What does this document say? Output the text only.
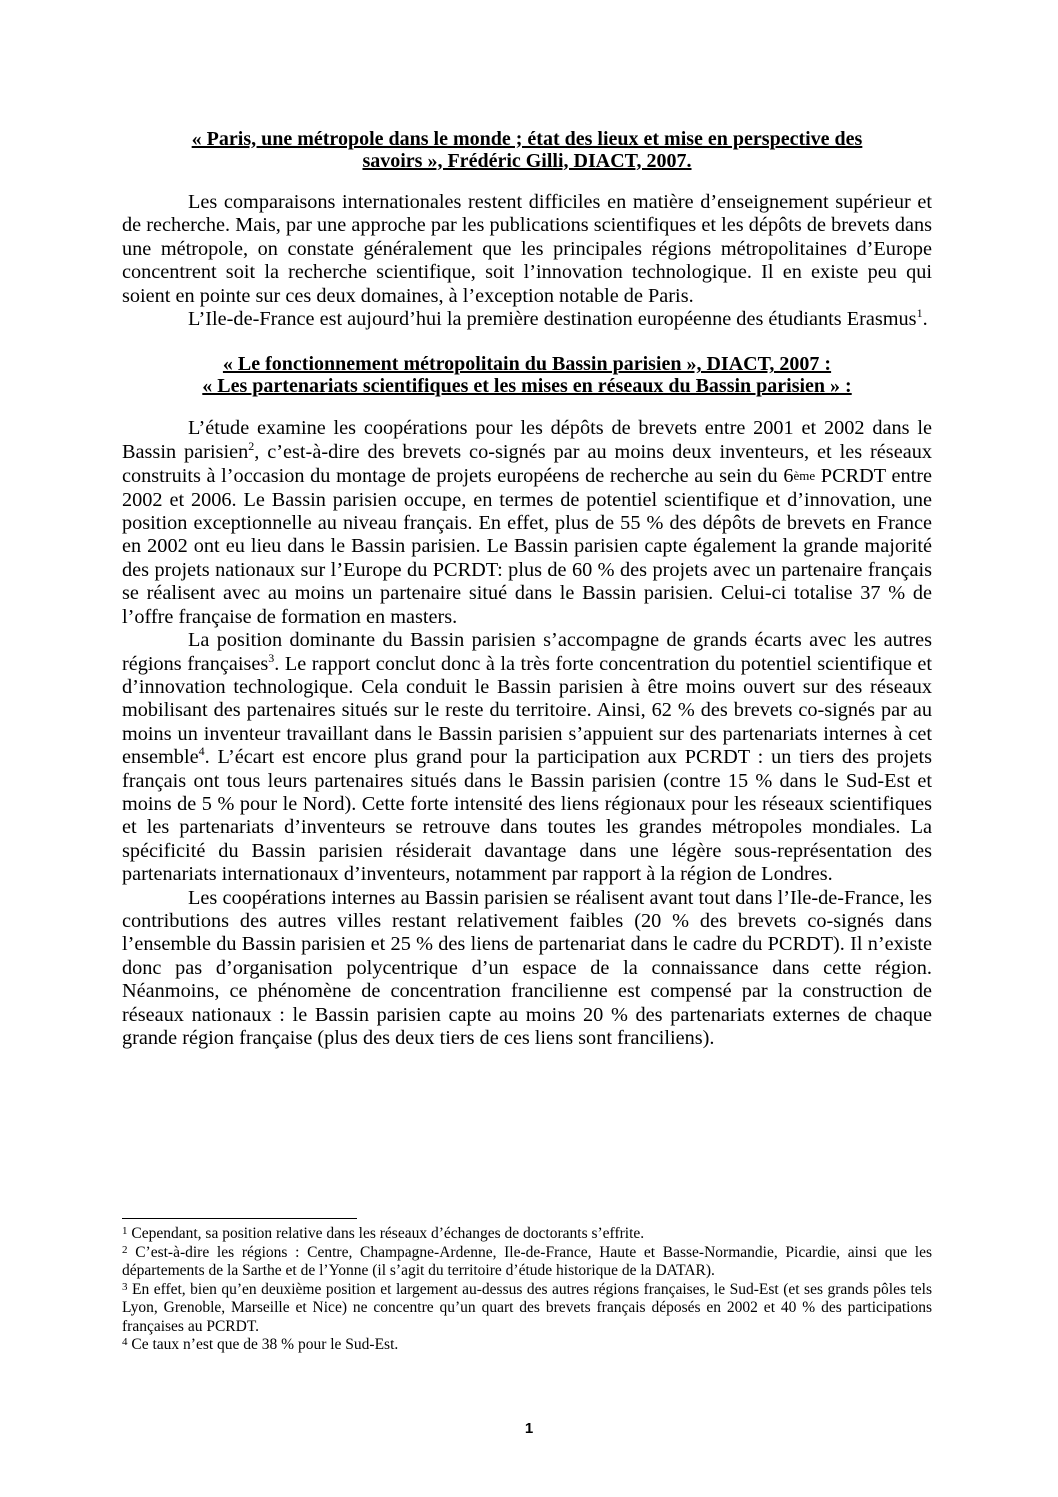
« Paris, une métropole dans le monde ; état des lieux et mise en perspective des

savoirs », Frédéric Gilli, DIACT, 2007.

Les comparaisons internationales restent difficiles en matière d’enseignement supérieur et de recherche. Mais, par une approche par les publications scientifiques et les dépôts de brevets dans une métropole, on constate généralement que les principales régions métropolitaines d’Europe concentrent soit la recherche scientifique, soit l’innovation technologique. Il en existe peu qui soient en pointe sur ces deux domaines, à l’exception notable de Paris.

L’Ile-de-France est aujourd’hui la première destination européenne des étudiants Erasmus$^1$.

« Le fonctionnement métropolitain du Bassin parisien », DIACT, 2007 :

« Les partenariats scientifiques et les mises en réseaux du Bassin parisien » :

L’étude examine les coopérations pour les dépôts de brevets entre 2001 et 2002 dans le Bassin parisien$^2$, c’est-à-dire des brevets co-signés par au moins deux inventeurs, et les réseaux construits à l’occasion du montage de projets européens de recherche au sein du 6ème PCRDT entre 2002 et 2006. Le Bassin parisien occupe, en termes de potentiel scientifique et d’innovation, une position exceptionnelle au niveau français. En effet, plus de 55 % des dépôts de brevets en France en 2002 ont eu lieu dans le Bassin parisien. Le Bassin parisien capte également la grande majorité des projets nationaux sur l’Europe du PCRDT: plus de 60 % des projets avec un partenaire français se réalisent avec au moins un partenaire situé dans le Bassin parisien. Celui-ci totalise 37 % de l’offre française de formation en masters.

La position dominante du Bassin parisien s’accompagne de grands écarts avec les autres régions françaises$^3$. Le rapport conclut donc à la très forte concentration du potentiel scientifique et d’innovation technologique. Cela conduit le Bassin parisien à être moins ouvert sur des réseaux mobilisant des partenaires situés sur le reste du territoire. Ainsi, 62 % des brevets co-signés par au moins un inventeur travaillant dans le Bassin parisien s’appuient sur des partenariats internes à cet ensemble$^4$. L’écart est encore plus grand pour la participation aux PCRDT : un tiers des projets français ont tous leurs partenaires situés dans le Bassin parisien (contre 15 % dans le Sud-Est et moins de 5 % pour le Nord). Cette forte intensité des liens régionaux pour les réseaux scientifiques et les partenariats d’inventeurs se retrouve dans toutes les grandes métropoles mondiales. La spécificité du Bassin parisien résiderait davantage dans une légère sous-représentation des partenariats internationaux d’inventeurs, notamment par rapport à la région de Londres.

Les coopérations internes au Bassin parisien se réalisent avant tout dans l’Ile-de-France, les contributions des autres villes restant relativement faibles (20 % des brevets co-signés dans l’ensemble du Bassin parisien et 25 % des liens de partenariat dans le cadre du PCRDT). Il n’existe donc pas d’organisation polycentrique d’un espace de la connaissance dans cette région. Néanmoins, ce phénomène de concentration francilienne est compensé par la construction de réseaux nationaux : le Bassin parisien capte au moins 20 % des partenariats externes de chaque grande région française (plus des deux tiers de ces liens sont franciliens).

$^1$ Cependant, sa position relative dans les réseaux d’échanges de doctorants s’effrite.

$^2$ C’est-à-dire les régions : Centre, Champagne-Ardenne, Ile-de-France, Haute et Basse-Normandie, Picardie, ainsi que les départements de la Sarthe et de l’Yonne (il s’agit du territoire d’étude historique de la DATAR).

$^3$ En effet, bien qu’en deuxième position et largement au-dessus des autres régions françaises, le Sud-Est (et ses grands pôles tels Lyon, Grenoble, Marseille et Nice) ne concentre qu’un quart des brevets français déposés en 2002 et 40 % des participations françaises au PCRDT.

$^4$ Ce taux n’est que de 38 % pour le Sud-Est.

1
